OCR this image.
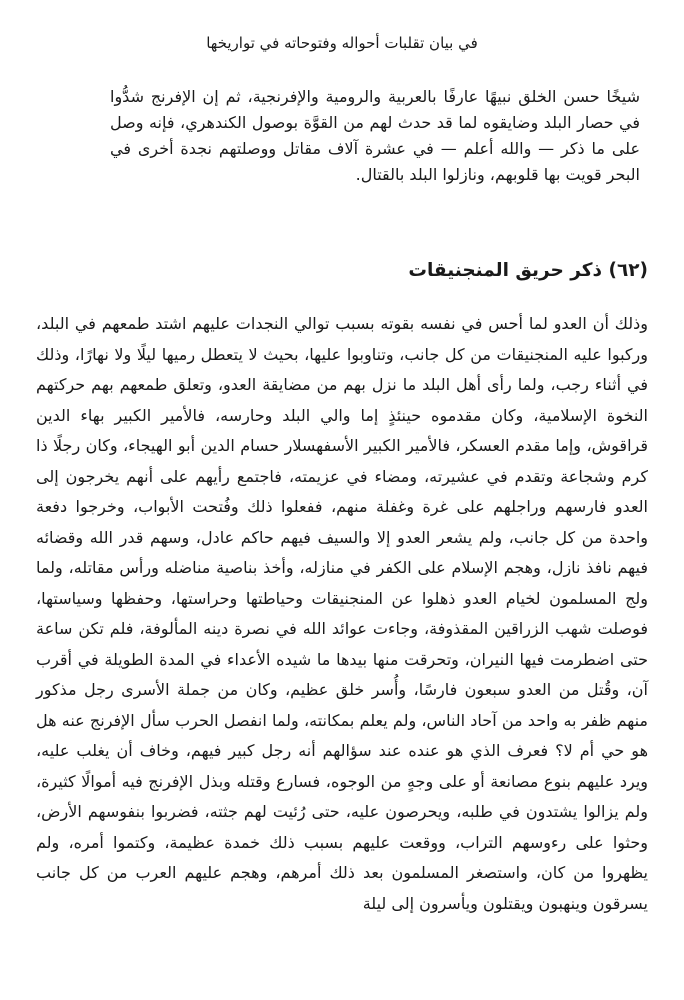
في بيان تقلبات أحواله وفتوحاته في تواريخها

شيخًا حسن الخلق نبيهًا عارفًا بالعربية والرومية والإفرنجية، ثم إن الإفرنج شدُّوا في حصار البلد وضايقوه لما قد حدث لهم من القوَّة بوصول الكندهري، فإنه وصل على ما ذكر — والله أعلم — في عشرة آلاف مقاتل ووصلتهم نجدة أخرى في البحر قويت بها قلوبهم، ونازلوا البلد بالقتال.

(٦٢) ذكر حريق المنجنيقات

وذلك أن العدو لما أحس في نفسه بقوته بسبب توالي النجدات عليهم اشتد طمعهم في البلد، وركبوا عليه المنجنيقات من كل جانب، وتناوبوا عليها، بحيث لا يتعطل رميها ليلًا ولا نهارًا، وذلك في أثناء رجب، ولما رأى أهل البلد ما نزل بهم من مضايقة العدو، وتعلق طمعهم بهم حركتهم النخوة الإسلامية، وكان مقدموه حينئذٍ إما والي البلد وحارسه، فالأمير الكبير بهاء الدين قراقوش، وإما مقدم العسكر، فالأمير الكبير الأسفهسلار حسام الدين أبو الهيجاء، وكان رجلًا ذا كرم وشجاعة وتقدم في عشيرته، ومضاء في عزيمته، فاجتمع رأيهم على أنهم يخرجون إلى العدو فارسهم وراجلهم على غرة وغفلة منهم، ففعلوا ذلك وفُتحت الأبواب، وخرجوا دفعة واحدة من كل جانب، ولم يشعر العدو إلا والسيف فيهم حاكم عادل، وسهم قدر الله وقضائه فيهم نافذ نازل، وهجم الإسلام على الكفر في منازله، وأخذ بناصية مناضله ورأس مقاتله، ولما ولج المسلمون لخيام العدو ذهلوا عن المنجنيقات وحياطتها وحراستها، وحفظها وسياستها، فوصلت شهب الزراقين المقذوفة، وجاءت عوائد الله في نصرة دينه المألوفة، فلم تكن ساعة حتى اضطرمت فيها النيران، وتحرقت منها بيدها ما شيده الأعداء في المدة الطويلة في أقرب آن، وقُتل من العدو سبعون فارسًا، وأُسر خلق عظيم، وكان من جملة الأسرى رجل مذكور منهم ظفر به واحد من آحاد الناس، ولم يعلم بمكانته، ولما انفصل الحرب سأل الإفرنج عنه هل هو حي أم لا؟ فعرف الذي هو عنده عند سؤالهم أنه رجل كبير فيهم، وخاف أن يغلب عليه، ويرد عليهم بنوع مصانعة أو على وجهٍ من الوجوه، فسارع وقتله وبذل الإفرنج فيه أموالًا كثيرة، ولم يزالوا يشتدون في طلبه، ويحرصون عليه، حتى رُئيت لهم جثته، فضربوا بنفوسهم الأرض، وحثوا على رءوسهم التراب، ووقعت عليهم بسبب ذلك خمدة عظيمة، وكتموا أمره، ولم يظهروا من كان، واستصغر المسلمون بعد ذلك أمرهم، وهجم عليهم العرب من كل جانب يسرقون وينهبون ويقتلون ويأسرون إلى ليلة
